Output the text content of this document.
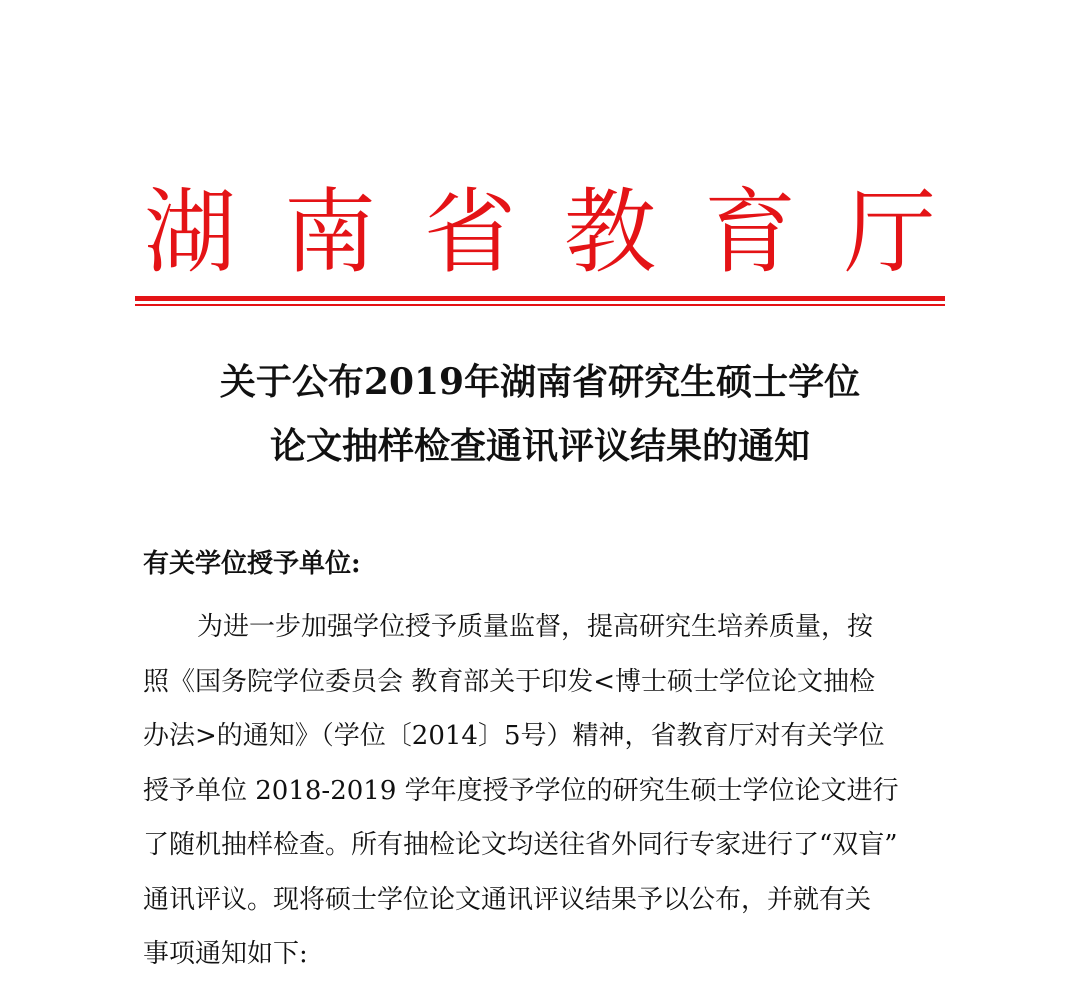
湖 南 省 教 育 厅
关于公布2019年湖南省研究生硕士学位
论文抽样检查通讯评议结果的通知
有关学位授予单位:
为进一步加强学位授予质量监督，提高研究生培养质量，按
照《国务院学位委员会 教育部关于印发<博士硕士学位论文抽检
办法>的通知》（学位〔2014〕5号）精神，省教育厅对有关学位
授予单位 2018-2019 学年度授予学位的研究生硕士学位论文进行
了随机抽样检查。所有抽检论文均送往省外同行专家进行了“双盲”
通讯评议。现将硕士学位论文通讯评议结果予以公布，并就有关
事项通知如下:
